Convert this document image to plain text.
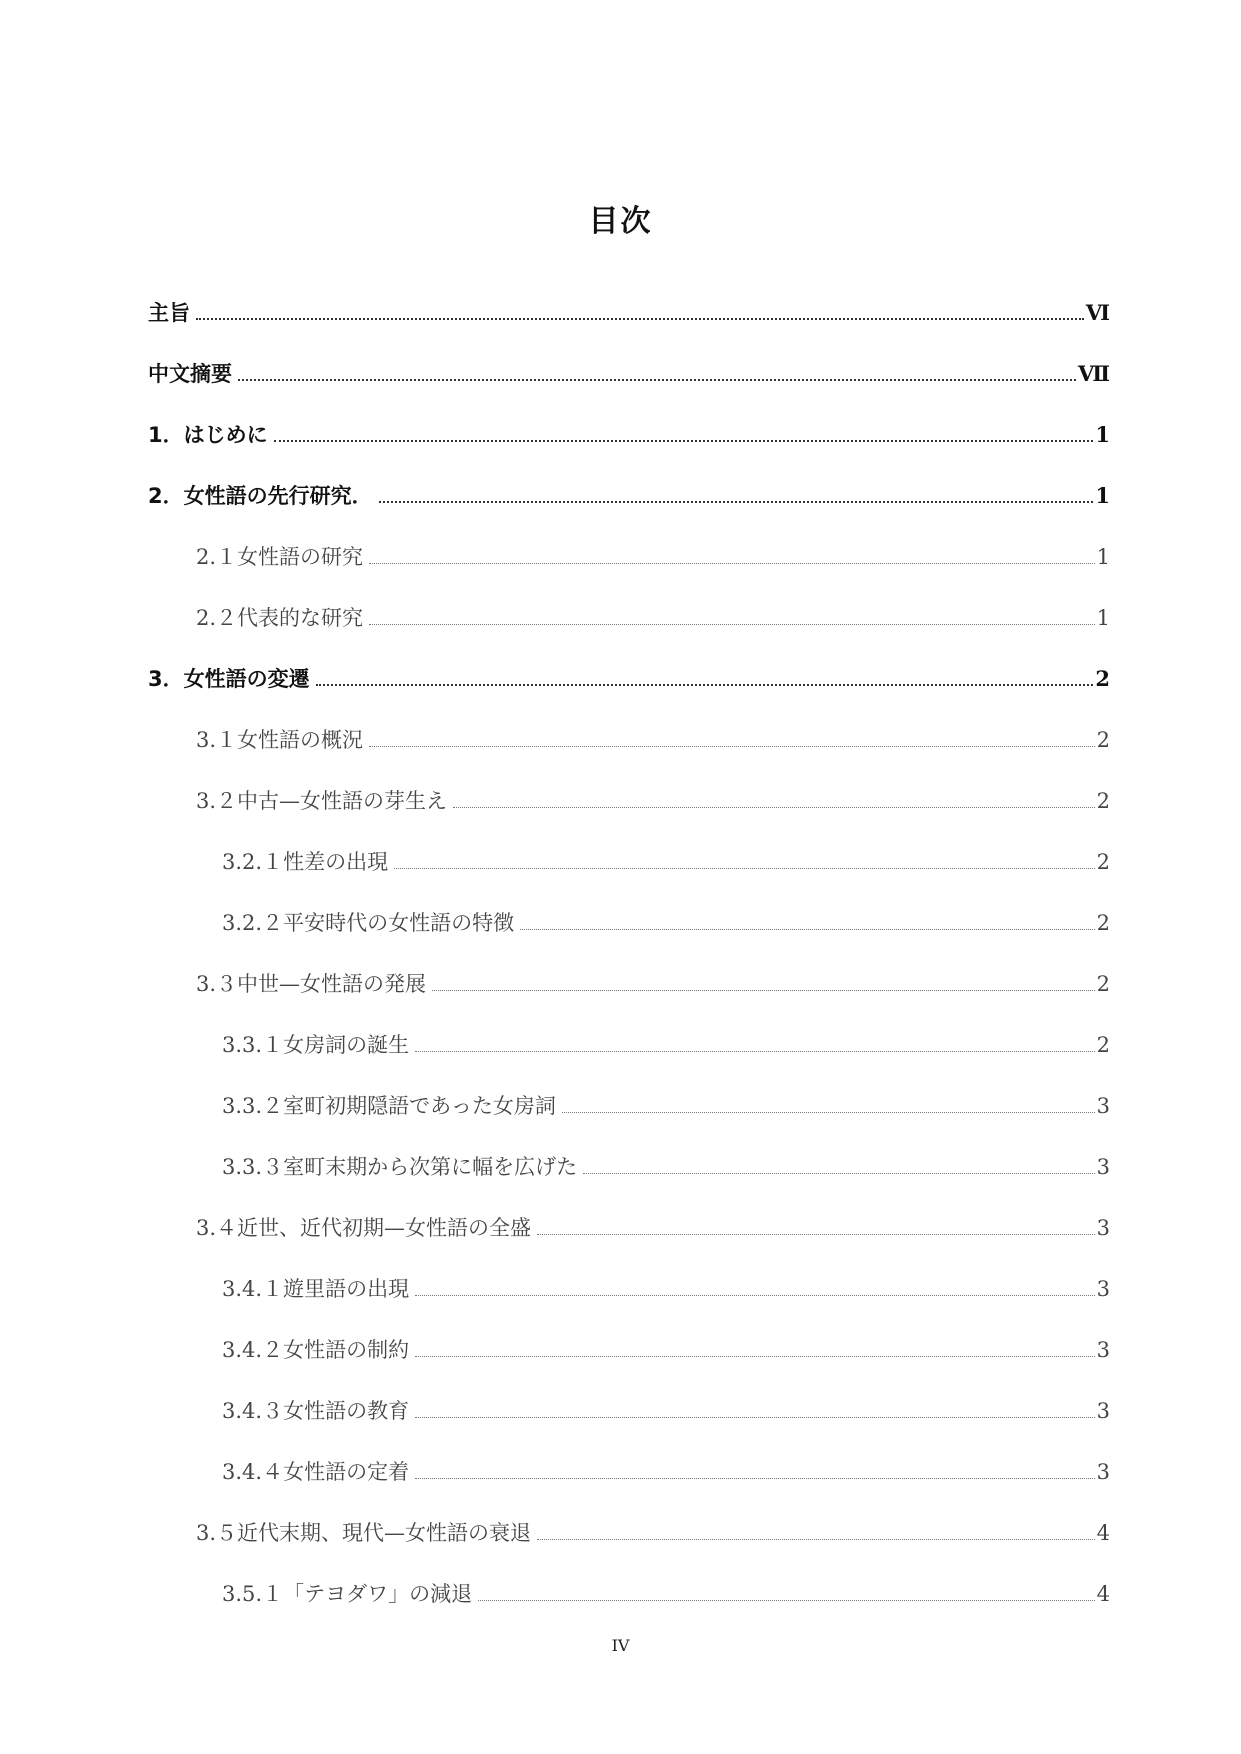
目次
主旨	Ⅵ
中文摘要	Ⅶ
1．はじめに	1
2．女性語の先行研究．	1
2.１女性語の研究	1
2.２代表的な研究	1
3．女性語の変遷	2
3.１女性語の概況	2
3.２中古—女性語の芽生え	2
3.2.１性差の出現	2
3.2.２平安時代の女性語の特徴	2
3.３中世—女性語の発展	2
3.3.１女房詞の誕生	2
3.3.２室町初期隠語であった女房詞	3
3.3.３室町末期から次第に幅を広げた	3
3.４近世、近代初期—女性語の全盛	3
3.4.１遊里語の出現	3
3.4.２女性語の制約	3
3.4.３女性語の教育	3
3.4.４女性語の定着	3
3.５近代末期、現代—女性語の衰退	4
3.5.１「テヨダワ」の減退	4
IV
